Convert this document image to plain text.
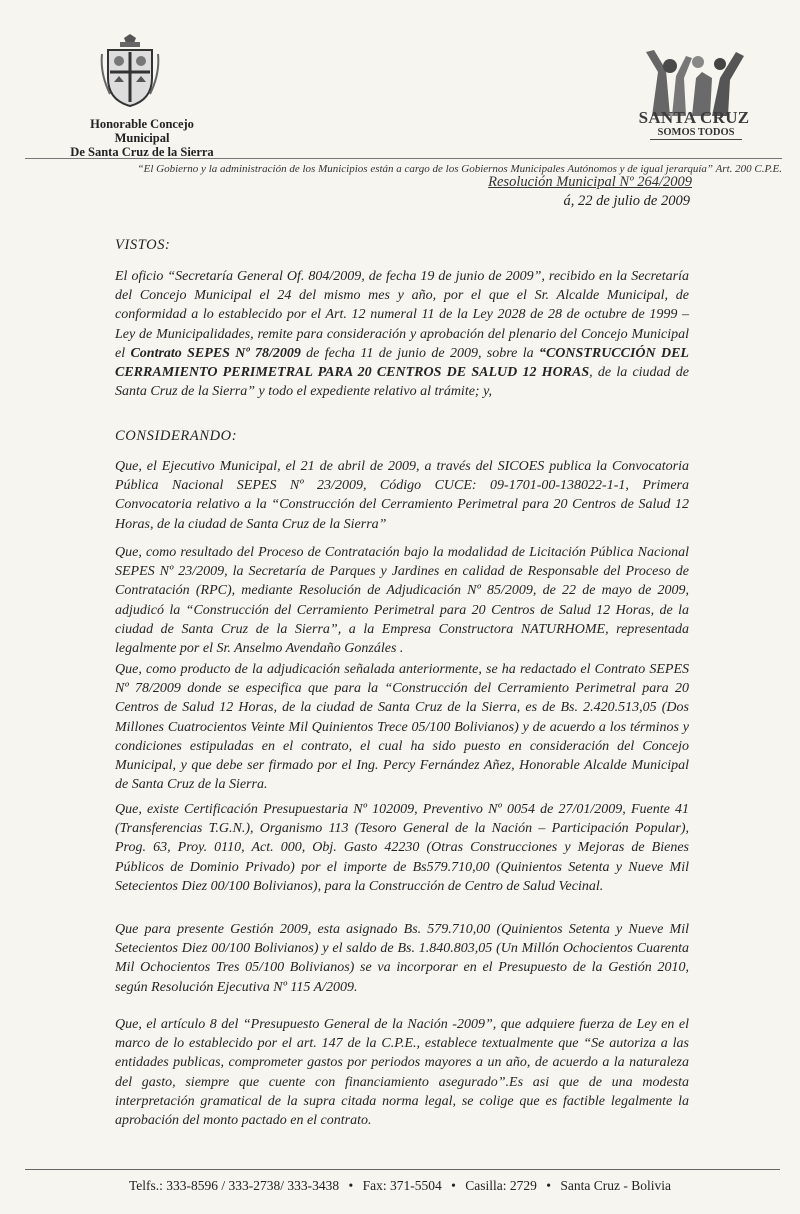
Honorable Concejo Municipal
De Santa Cruz de la Sierra
SANTA CRUZ
SOMOS TODOS
“El Gobierno y la administración de los Municipios están a cargo de los Gobiernos Municipales Autónomos y de igual jerarquía” Art. 200 C.P.E.
Resolución Municipal Nº 264/2009
á, 22 de julio de 2009
VISTOS:
El oficio “Secretaría General Of. 804/2009, de fecha 19 de junio de 2009”, recibido en la Secretaría del Concejo Municipal el 24 del mismo mes y año, por el que el Sr. Alcalde Municipal, de conformidad a lo establecido por el Art. 12 numeral 11 de la Ley 2028 de 28 de octubre de 1999 – Ley de Municipalidades, remite para consideración y aprobación del plenario del Concejo Municipal el Contrato SEPES Nº 78/2009 de fecha 11 de junio de 2009, sobre la “CONSTRUCCIÓN DEL CERRAMIENTO PERIMETRAL PARA 20 CENTROS DE SALUD 12 HORAS, de la ciudad de Santa Cruz de la Sierra” y todo el expediente relativo al trámite; y,
CONSIDERANDO:
Que, el Ejecutivo Municipal, el 21 de abril de 2009, a través del SICOES publica la Convocatoria Pública Nacional SEPES Nº 23/2009, Código CUCE: 09-1701-00-138022-1-1, Primera Convocatoria relativo a la “Construcción del Cerramiento Perimetral para 20 Centros de Salud 12 Horas, de la ciudad de Santa Cruz de la Sierra”
Que, como resultado del Proceso de Contratación bajo la modalidad de Licitación Pública Nacional SEPES Nº 23/2009, la Secretaría de Parques y Jardines en calidad de Responsable del Proceso de Contratación (RPC), mediante Resolución de Adjudicación Nº 85/2009, de 22 de mayo de 2009, adjudicó la “Construcción del Cerramiento Perimetral para 20 Centros de Salud 12 Horas, de la ciudad de Santa Cruz de la Sierra”, a la Empresa Constructora NATURHOME, representada legalmente por el Sr. Anselmo Avendaño Gonzáles .
Que, como producto de la adjudicación señalada anteriormente, se ha redactado el Contrato SEPES Nº 78/2009 donde se especifica que para la “Construcción del Cerramiento Perimetral para 20 Centros de Salud 12 Horas, de la ciudad de Santa Cruz de la Sierra, es de Bs. 2.420.513,05 (Dos Millones Cuatrocientos Veinte Mil Quinientos Trece 05/100 Bolivianos) y de acuerdo a los términos y condiciones estipuladas en el contrato, el cual ha sido puesto en consideración del Concejo Municipal, y que debe ser firmado por el Ing. Percy Fernández Añez, Honorable Alcalde Municipal de Santa Cruz de la Sierra.
Que, existe Certificación Presupuestaria Nº 102009, Preventivo Nº 0054 de 27/01/2009, Fuente 41 (Transferencias T.G.N.), Organismo 113 (Tesoro General de la Nación – Participación Popular), Prog. 63, Proy. 0110, Act. 000, Obj. Gasto 42230 (Otras Construcciones y Mejoras de Bienes Públicos de Dominio Privado) por el importe de Bs579.710,00 (Quinientos Setenta y Nueve Mil Setecientos Diez 00/100 Bolivianos), para la Construcción de Centro de Salud Vecinal.
Que para presente Gestión 2009, esta asignado Bs. 579.710,00 (Quinientos Setenta y Nueve Mil Setecientos Diez 00/100 Bolivianos) y el saldo de Bs. 1.840.803,05 (Un Millón Ochocientos Cuarenta Mil Ochocientos Tres 05/100 Bolivianos) se va incorporar en el Presupuesto de la Gestión 2010, según Resolución Ejecutiva Nº 115 A/2009.
Que, el artículo 8 del “Presupuesto General de la Nación -2009”, que adquiere fuerza de Ley en el marco de lo establecido por el art. 147 de la C.P.E., establece textualmente que “Se autoriza a las entidades publicas, comprometer gastos por periodos mayores a un año, de acuerdo a la naturaleza del gasto, siempre que cuente con financiamiento asegurado”.Es asi que de una modesta interpretación gramatical de la supra citada norma legal, se colige que es factible legalmente la aprobación del monto pactado en el contrato.
Telfs.: 333-8596 / 333-2738/ 333-3438 • Fax: 371-5504 • Casilla: 2729 • Santa Cruz - Bolivia
